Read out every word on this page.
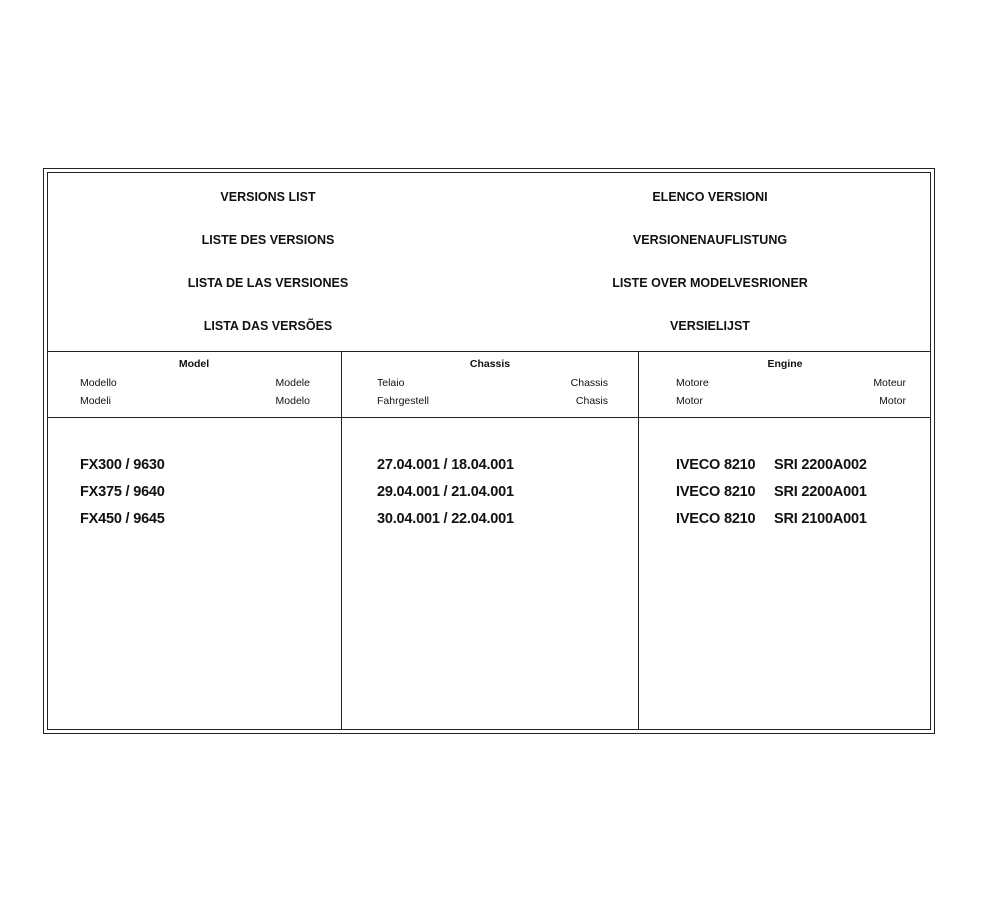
VERSIONS LIST
LISTE DES VERSIONS
LISTA DE LAS VERSIONES
LISTA DAS VERSÕES
ELENCO VERSIONI
VERSIONENAUFLISTUNG
LISTE OVER MODELVESRIONER
VERSIELIJST
Model
Modello	Modele
Modeli	Modelo
Chassis
Telaio	Chassis
Fahrgestell	Chasis
Engine
Motore	Moteur
Motor	Motor
FX300 / 9630	27.04.001 / 18.04.001	IVECO 8210 SRI 2200A002
FX375 / 9640	29.04.001 / 21.04.001	IVECO 8210 SRI 2200A001
FX450 / 9645	30.04.001 / 22.04.001	IVECO 8210 SRI 2100A001
